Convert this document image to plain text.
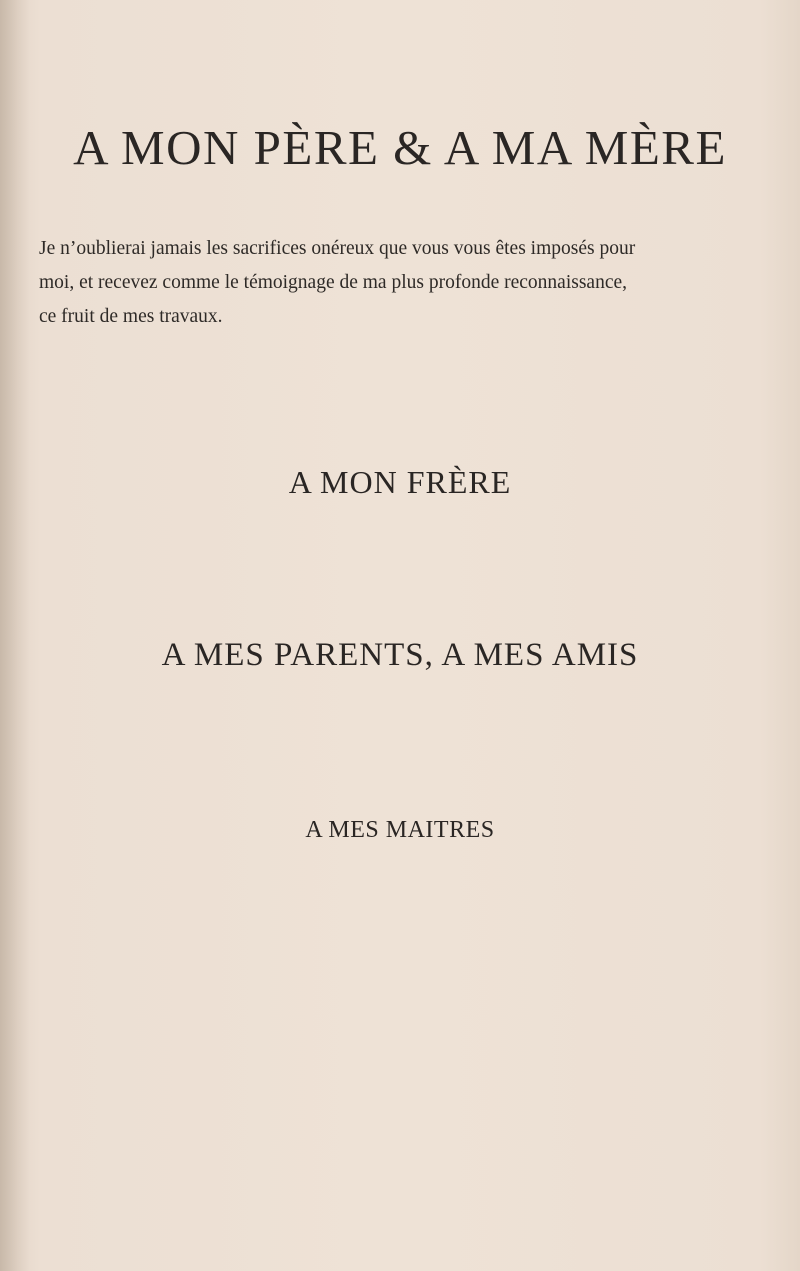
A MON PÈRE & A MA MÈRE
Je n’oublierai jamais les sacrifices onéreux que vous vous êtes imposés pour
moi, et recevez comme le témoignage de ma plus profonde reconnaissance,
ce fruit de mes travaux.
A MON FRÈRE
A MES PARENTS, A MES AMIS
A MES MAITRES
